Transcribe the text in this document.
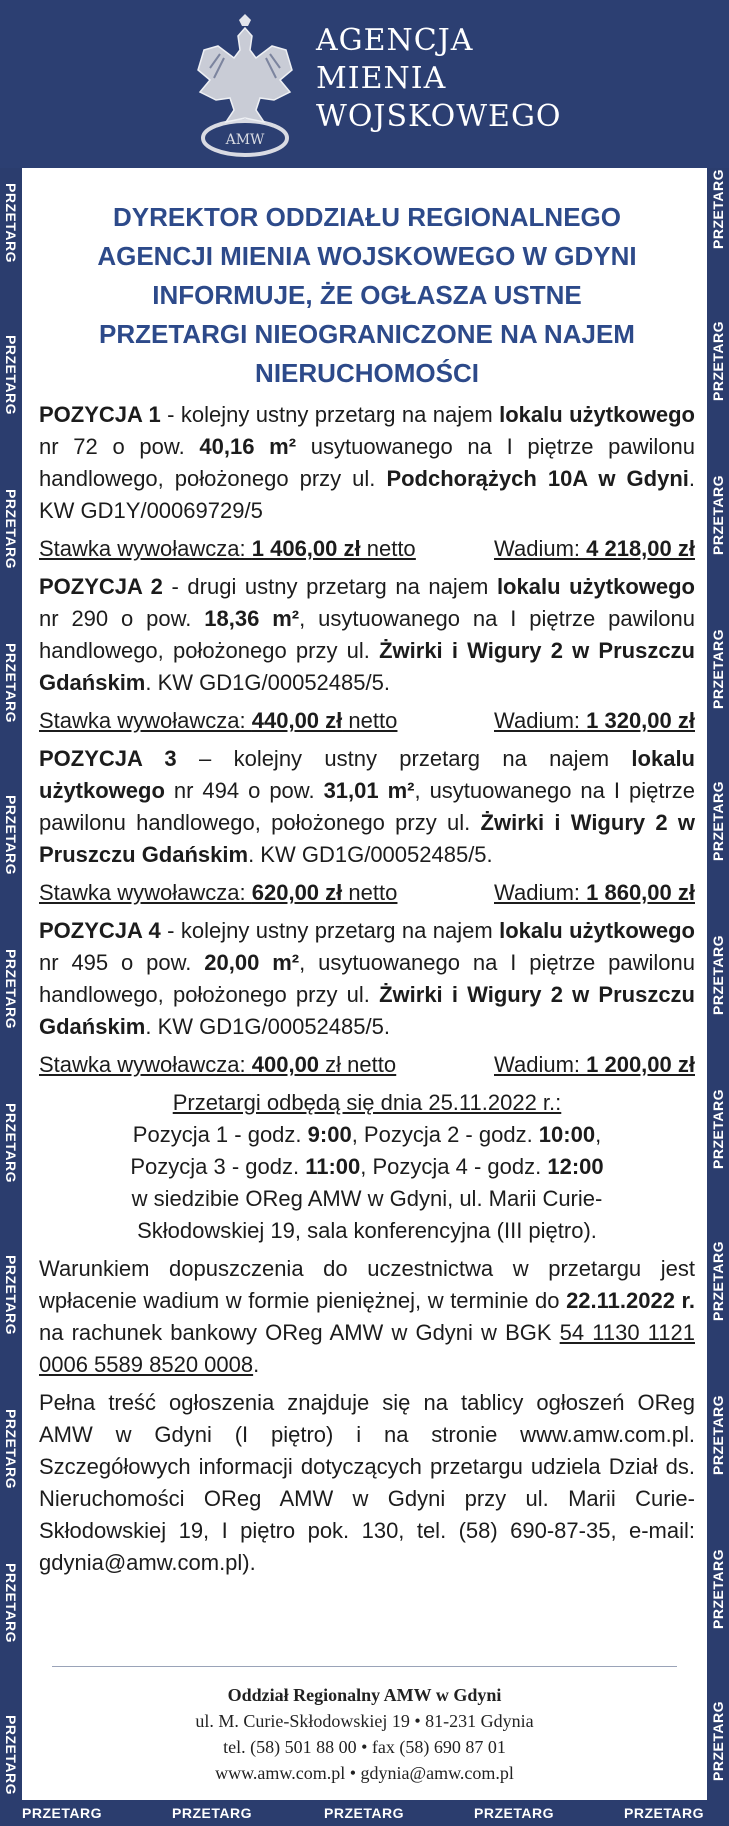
AMW
AGENCJA
MIENIA
WOJSKOWEGO
PRZETARG
PRZETARG
PRZETARG
PRZETARG
PRZETARG
PRZETARG
PRZETARG
PRZETARG
PRZETARG
PRZETARG
PRZETARG
PRZETARG
PRZETARG
PRZETARG
PRZETARG
PRZETARG
PRZETARG
PRZETARG
PRZETARG
PRZETARG
PRZETARG
PRZETARG
PRZETARG	PRZETARG	PRZETARG	PRZETARG	PRZETARG
DYREKTOR ODDZIAŁU REGIONALNEGO
AGENCJI MIENIA WOJSKOWEGO W GDYNI
INFORMUJE, ŻE OGŁASZA USTNE
PRZETARGI NIEOGRANICZONE NA NAJEM
NIERUCHOMOŚCI

POZYCJA 1 - kolejny ustny przetarg na najem lokalu użytkowego nr 72 o pow. 40,16 m² usytuowanego na I piętrze pawilonu handlowego, położonego przy ul. Podchorążych 10A w Gdyni. KW GD1Y/00069729/5

Stawka wywoławcza: 1 406,00 zł netto	Wadium: 4 218,00 zł

POZYCJA 2 - drugi ustny przetarg na najem lokalu użytkowego nr 290 o pow. 18,36 m², usytuowanego na I piętrze pawilonu handlowego, położonego przy ul. Żwirki i Wigury 2 w Pruszczu Gdańskim. KW GD1G/00052485/5.

Stawka wywoławcza: 440,00 zł netto	Wadium: 1 320,00 zł

POZYCJA 3 – kolejny ustny przetarg na najem lokalu użytkowego nr 494 o pow. 31,01 m², usytuowanego na I piętrze pawilonu handlowego, położonego przy ul. Żwirki i Wigury 2 w Pruszczu Gdańskim. KW GD1G/00052485/5.

Stawka wywoławcza: 620,00 zł netto	Wadium: 1 860,00 zł

POZYCJA 4 - kolejny ustny przetarg na najem lokalu użytkowego nr 495 o pow. 20,00 m², usytuowanego na I piętrze pawilonu handlowego, położonego przy ul. Żwirki i Wigury 2 w Pruszczu Gdańskim. KW GD1G/00052485/5.

Stawka wywoławcza: 400,00 zł netto	Wadium: 1 200,00 zł
Przetargi odbędą się dnia 25.11.2022 r.:
Pozycja 1 - godz. 9:00, Pozycja 2 - godz. 10:00,
Pozycja 3 - godz. 11:00, Pozycja 4 - godz. 12:00
w siedzibie OReg AMW w Gdyni, ul. Marii Curie-Skłodowskiej 19, sala konferencyjna (III piętro).

Warunkiem dopuszczenia do uczestnictwa w przetargu jest wpłacenie wadium w formie pieniężnej, w terminie do 22.11.2022 r. na rachunek bankowy OReg AMW w Gdyni w BGK 54 1130 1121 0006 5589 8520 0008.

Pełna treść ogłoszenia znajduje się na tablicy ogłoszeń OReg AMW w Gdyni (I piętro) i na stronie www.amw.com.pl. Szczegółowych informacji dotyczących przetargu udziela Dział ds. Nieruchomości OReg AMW w Gdyni przy ul. Marii Curie-Skłodowskiej 19, I piętro pok. 130, tel. (58) 690-87-35, e-mail: gdynia@amw.com.pl).

Oddział Regionalny AMW w Gdyni
ul. M. Curie-Skłodowskiej 19 • 81-231 Gdynia
tel. (58) 501 88 00 • fax (58) 690 87 01
www.amw.com.pl • gdynia@amw.com.pl
